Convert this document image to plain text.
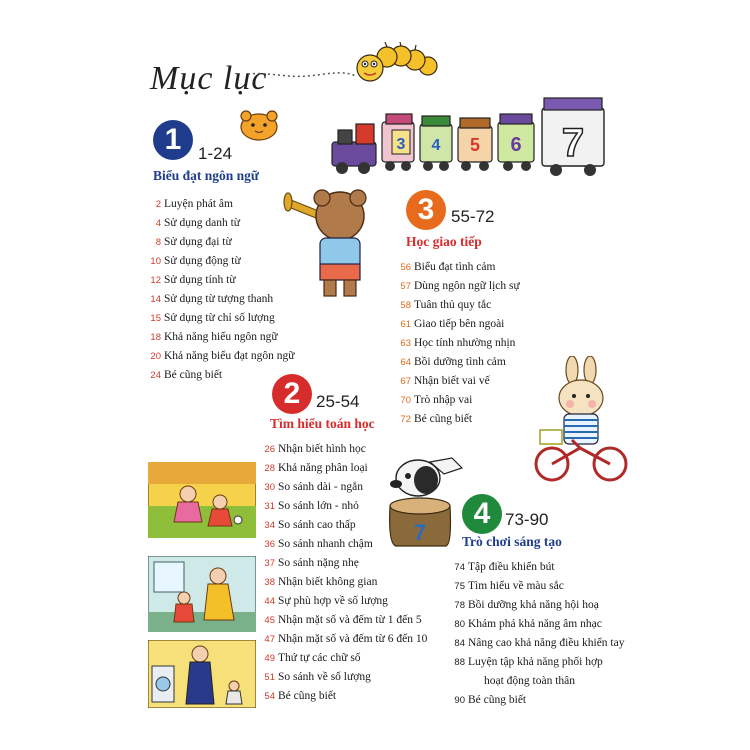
Mục lục
3 4 5 6 7
1 1-24
Biểu đạt ngôn ngữ
2 Luyện phát âm
4 Sử dụng danh từ
8 Sử dụng đại từ
10 Sử dụng động từ
12 Sử dụng tính từ
14 Sử dụng từ tượng thanh
15 Sử dụng từ chỉ số lượng
18 Khả năng hiểu ngôn ngữ
20 Khả năng biểu đạt ngôn ngữ
24 Bé cũng biết
3 55-72
Học giao tiếp
56 Biểu đạt tình cảm
57 Dùng ngôn ngữ lịch sự
58 Tuân thủ quy tắc
61 Giao tiếp bên ngoài
63 Học tính nhường nhịn
64 Bồi dưỡng tình cảm
67 Nhận biết vai vế
70 Trò nhập vai
72 Bé cũng biết
2 25-54
Tìm hiểu toán học
26 Nhận biết hình học
28 Khả năng phân loại
30 So sánh dài - ngắn
31 So sánh lớn - nhỏ
34 So sánh cao thấp
36 So sánh nhanh chậm
37 So sánh nặng nhẹ
38 Nhận biết không gian
44 Sự phù hợp về số lượng
45 Nhận mặt số và đếm từ 1 đến 5
47 Nhận mặt số và đếm từ 6 đến 10
49 Thứ tự các chữ số
51 So sánh về số lượng
54 Bé cũng biết
7
4 73-90
Trò chơi sáng tạo
74 Tập điều khiển bút
75 Tìm hiểu về màu sắc
78 Bồi dưỡng khả năng hội hoạ
80 Khám phá khả năng âm nhạc
84 Nâng cao khả năng điều khiển tay
88 Luyện tập khả năng phối hợp
hoạt động toàn thân
90 Bé cũng biết
